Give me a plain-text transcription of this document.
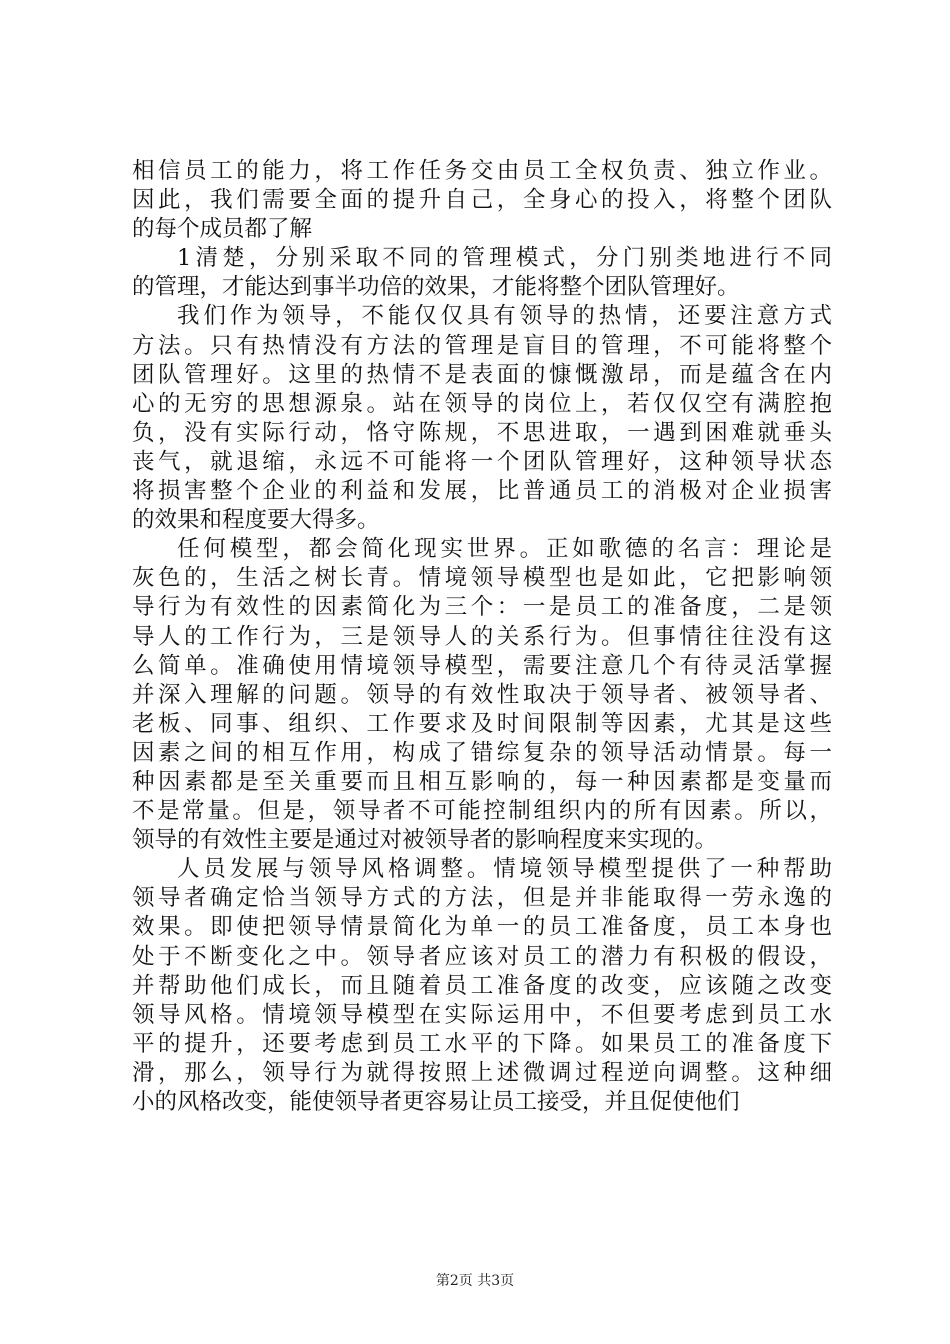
相信员工的能力，将工作任务交由员工全权负责、独立作业。
因此，我们需要全面的提升自己，全身心的投入，将整个团队
的每个成员都了解
1清楚，分别采取不同的管理模式，分门别类地进行不同
的管理，才能达到事半功倍的效果，才能将整个团队管理好。
我们作为领导，不能仅仅具有领导的热情，还要注意方式
方法。只有热情没有方法的管理是盲目的管理，不可能将整个
团队管理好。这里的热情不是表面的慷慨激昂，而是蕴含在内
心的无穷的思想源泉。站在领导的岗位上，若仅仅空有满腔抱
负，没有实际行动，恪守陈规，不思进取，一遇到困难就垂头
丧气，就退缩，永远不可能将一个团队管理好，这种领导状态
将损害整个企业的利益和发展，比普通员工的消极对企业损害
的效果和程度要大得多。
任何模型，都会简化现实世界。正如歌德的名言：理论是
灰色的，生活之树长青。情境领导模型也是如此，它把影响领
导行为有效性的因素简化为三个：一是员工的准备度，二是领
导人的工作行为，三是领导人的关系行为。但事情往往没有这
么简单。准确使用情境领导模型，需要注意几个有待灵活掌握
并深入理解的问题。领导的有效性取决于领导者、被领导者、
老板、同事、组织、工作要求及时间限制等因素，尤其是这些
因素之间的相互作用，构成了错综复杂的领导活动情景。每一
种因素都是至关重要而且相互影响的，每一种因素都是变量而
不是常量。但是，领导者不可能控制组织内的所有因素。所以，
领导的有效性主要是通过对被领导者的影响程度来实现的。
人员发展与领导风格调整。情境领导模型提供了一种帮助
领导者确定恰当领导方式的方法，但是并非能取得一劳永逸的
效果。即使把领导情景简化为单一的员工准备度，员工本身也
处于不断变化之中。领导者应该对员工的潜力有积极的假设，
并帮助他们成长，而且随着员工准备度的改变，应该随之改变
领导风格。情境领导模型在实际运用中，不但要考虑到员工水
平的提升，还要考虑到员工水平的下降。如果员工的准备度下
滑，那么，领导行为就得按照上述微调过程逆向调整。这种细
小的风格改变，能使领导者更容易让员工接受，并且促使他们
第2页 共3页
